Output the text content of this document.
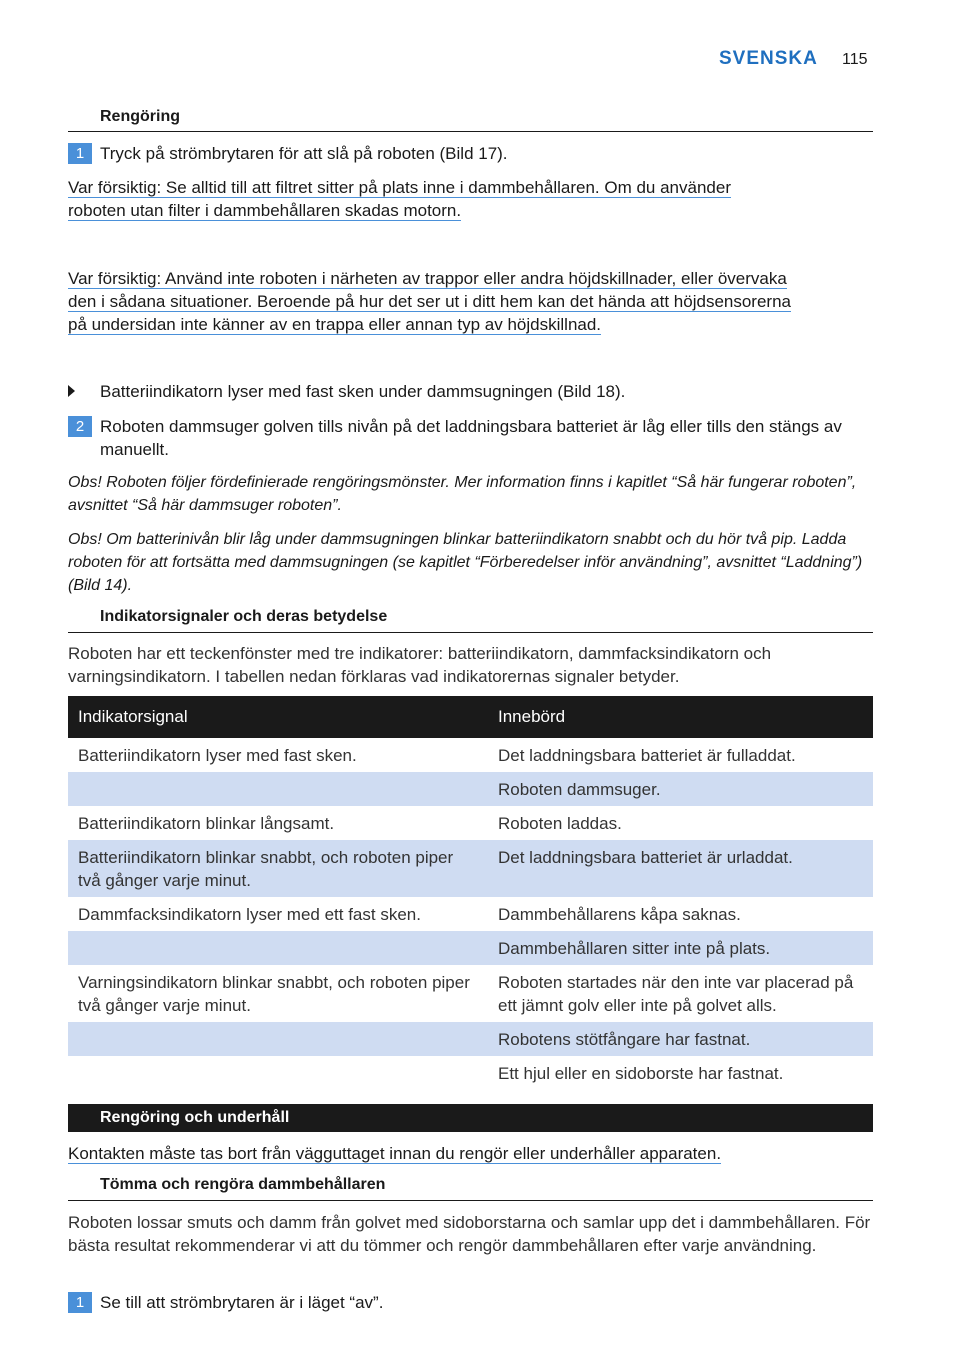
SVENSKA 115
Rengöring
1 Tryck på strömbrytaren för att slå på roboten (Bild 17).
Var försiktig: Se alltid till att filtret sitter på plats inne i dammbehållaren. Om du använder
roboten utan filter i dammbehållaren skadas motorn.
Var försiktig: Använd inte roboten i närheten av trappor eller andra höjdskillnader, eller övervaka
den i sådana situationer. Beroende på hur det ser ut i ditt hem kan det hända att höjdsensorerna
på undersidan inte känner av en trappa eller annan typ av höjdskillnad.
Batteriindikatorn lyser med fast sken under dammsugningen (Bild 18).
2 Roboten dammsuger golven tills nivån på det laddningsbara batteriet är låg eller tills den stängs av manuellt.
Obs! Roboten följer fördefinierade rengöringsmönster. Mer information finns i kapitlet “Så här fungerar roboten”, avsnittet “Så här dammsuger roboten”.
Obs! Om batterinivån blir låg under dammsugningen blinkar batteriindikatorn snabbt och du hör två pip. Ladda roboten för att fortsätta med dammsugningen (se kapitlet “Förberedelser inför användning”, avsnittet “Laddning”) (Bild 14).
Indikatorsignaler och deras betydelse
Roboten har ett teckenfönster med tre indikatorer: batteriindikatorn, dammfacksindikatorn och varningsindikatorn. I tabellen nedan förklaras vad indikatorernas signaler betyder.
Indikatorsignal	Innebörd
Batteriindikatorn lyser med fast sken.	Det laddningsbara batteriet är fulladdat.
	Roboten dammsuger.
Batteriindikatorn blinkar långsamt.	Roboten laddas.
Batteriindikatorn blinkar snabbt, och roboten piper två gånger varje minut.	Det laddningsbara batteriet är urladdat.
Dammfacksindikatorn lyser med ett fast sken.	Dammbehållarens kåpa saknas.
	Dammbehållaren sitter inte på plats.
Varningsindikatorn blinkar snabbt, och roboten piper två gånger varje minut.	Roboten startades när den inte var placerad på ett jämnt golv eller inte på golvet alls.
	Robotens stötfångare har fastnat.
	Ett hjul eller en sidoborste har fastnat.
Rengöring och underhåll
Kontakten måste tas bort från vägguttaget innan du rengör eller underhåller apparaten.
Tömma och rengöra dammbehållaren
Roboten lossar smuts och damm från golvet med sidoborstarna och samlar upp det i dammbehållaren. För bästa resultat rekommenderar vi att du tömmer och rengör dammbehållaren efter varje användning.
1 Se till att strömbrytaren är i läget “av”.
